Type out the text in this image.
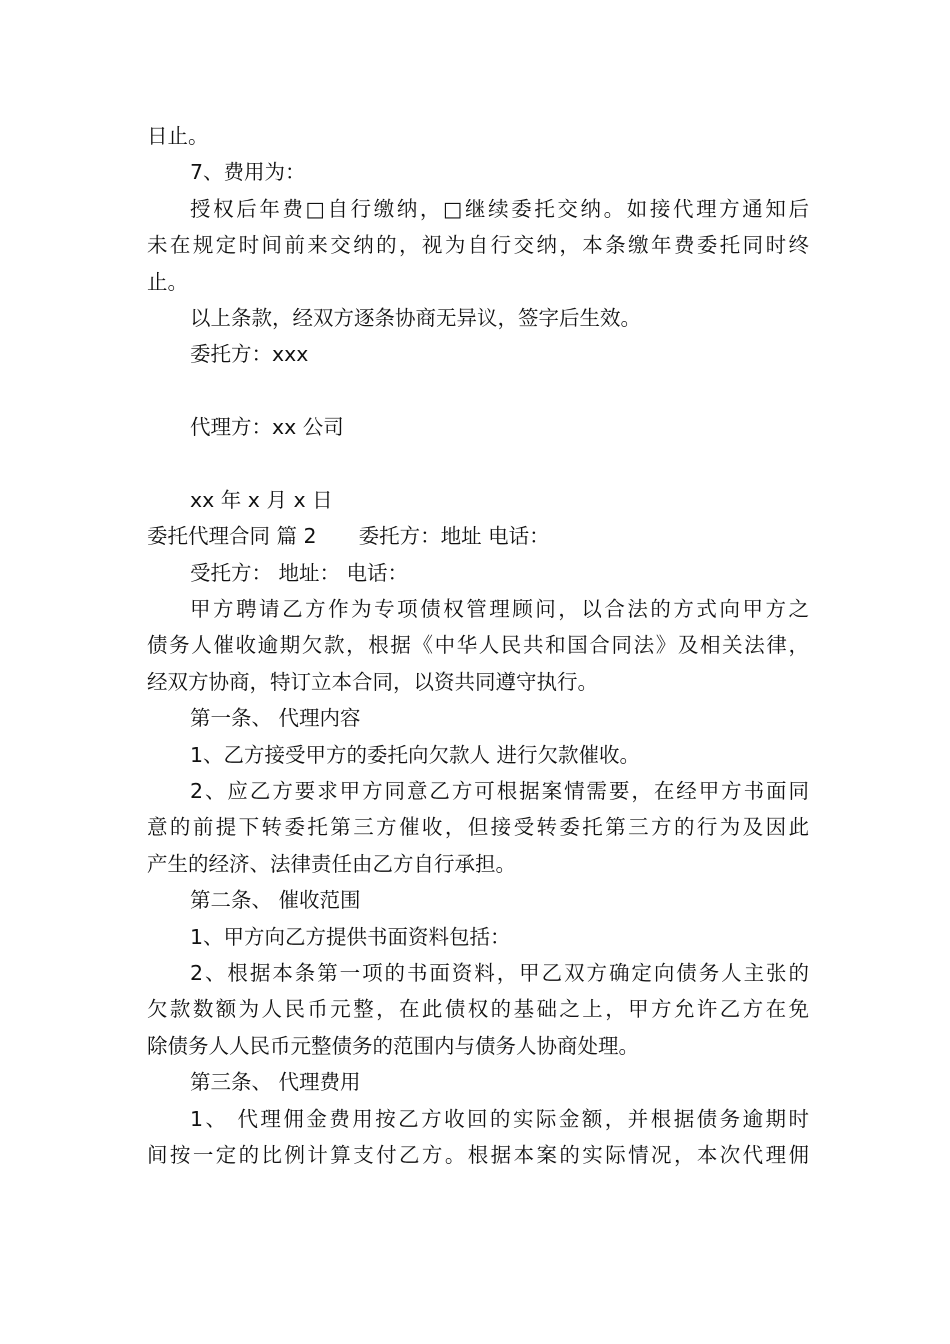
日止。
7、费用为：
授权后年费□自行缴纳，□继续委托交纳。如接代理方通知后
未在规定时间前来交纳的，视为自行交纳，本条缴年费委托同时终
止。
以上条款，经双方逐条协商无异议，签字后生效。
委托方：xxx
代理方：xx 公司
xx 年 x 月 x 日
委托代理合同 篇 2 委托方：地址 电话：
受托方： 地址： 电话：
甲方聘请乙方作为专项债权管理顾问，以合法的方式向甲方之
债务人催收逾期欠款，根据《中华人民共和国合同法》及相关法律，
经双方协商，特订立本合同，以资共同遵守执行。
第一条、 代理内容
1、乙方接受甲方的委托向欠款人 进行欠款催收。
2、应乙方要求甲方同意乙方可根据案情需要，在经甲方书面同
意的前提下转委托第三方催收，但接受转委托第三方的行为及因此
产生的经济、法律责任由乙方自行承担。
第二条、 催收范围
1、甲方向乙方提供书面资料包括：
2、根据本条第一项的书面资料，甲乙双方确定向债务人主张的
欠款数额为人民币元整，在此债权的基础之上，甲方允许乙方在免
除债务人人民币元整债务的范围内与债务人协商处理。
第三条、 代理费用
1、 代理佣金费用按乙方收回的实际金额，并根据债务逾期时
间按一定的比例计算支付乙方。根据本案的实际情况，本次代理佣
